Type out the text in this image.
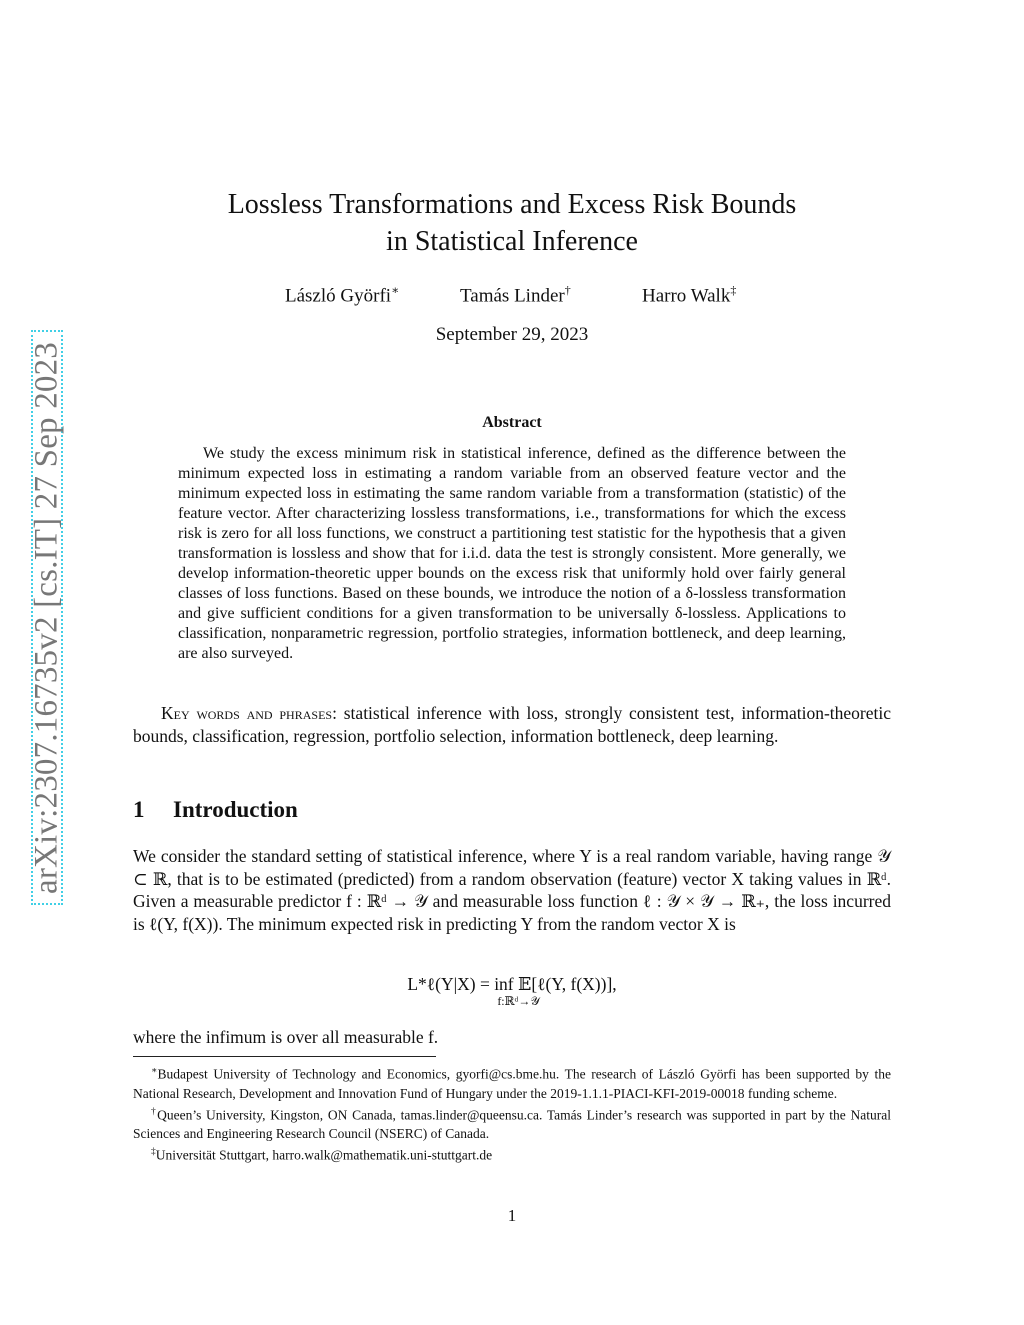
arXiv:2307.16735v2 [cs.IT] 27 Sep 2023
Lossless Transformations and Excess Risk Bounds
in Statistical Inference
László Györfi∗	Tamás Linder†	Harro Walk‡
September 29, 2023
Abstract

We study the excess minimum risk in statistical inference, defined as the difference between the minimum expected loss in estimating a random variable from an observed feature vector and the minimum expected loss in estimating the same random variable from a transformation (statistic) of the feature vector. After characterizing lossless transformations, i.e., transformations for which the excess risk is zero for all loss functions, we construct a partitioning test statistic for the hypothesis that a given transformation is lossless and show that for i.i.d. data the test is strongly consistent. More generally, we develop information-theoretic upper bounds on the excess risk that uniformly hold over fairly general classes of loss functions. Based on these bounds, we introduce the notion of a δ-lossless transformation and give sufficient conditions for a given transformation to be universally δ-lossless. Applications to classification, nonparametric regression, portfolio strategies, information bottleneck, and deep learning, are also surveyed.

Key words and phrases: statistical inference with loss, strongly consistent test, information-theoretic bounds, classification, regression, portfolio selection, information bottleneck, deep learning.

1 Introduction

We consider the standard setting of statistical inference, where Y is a real random variable, having range 𝒴 ⊂ ℝ, that is to be estimated (predicted) from a random observation (feature) vector X taking values in ℝᵈ. Given a measurable predictor f : ℝᵈ → 𝒴 and measurable loss function ℓ : 𝒴 × 𝒴 → ℝ₊, the loss incurred is ℓ(Y, f(X)). The minimum expected risk in predicting Y from the random vector X is

L*ℓ(Y|X) = inf 𝔼[ℓ(Y, f(X))],
f:ℝᵈ→𝒴

where the infimum is over all measurable f.

∗Budapest University of Technology and Economics, gyorfi@cs.bme.hu. The research of László Györfi has been supported by the National Research, Development and Innovation Fund of Hungary under the 2019-1.1.1-PIACI-KFI-2019-00018 funding scheme.

†Queen’s University, Kingston, ON Canada, tamas.linder@queensu.ca. Tamás Linder’s research was supported in part by the Natural Sciences and Engineering Research Council (NSERC) of Canada.

‡Universität Stuttgart, harro.walk@mathematik.uni-stuttgart.de

1
